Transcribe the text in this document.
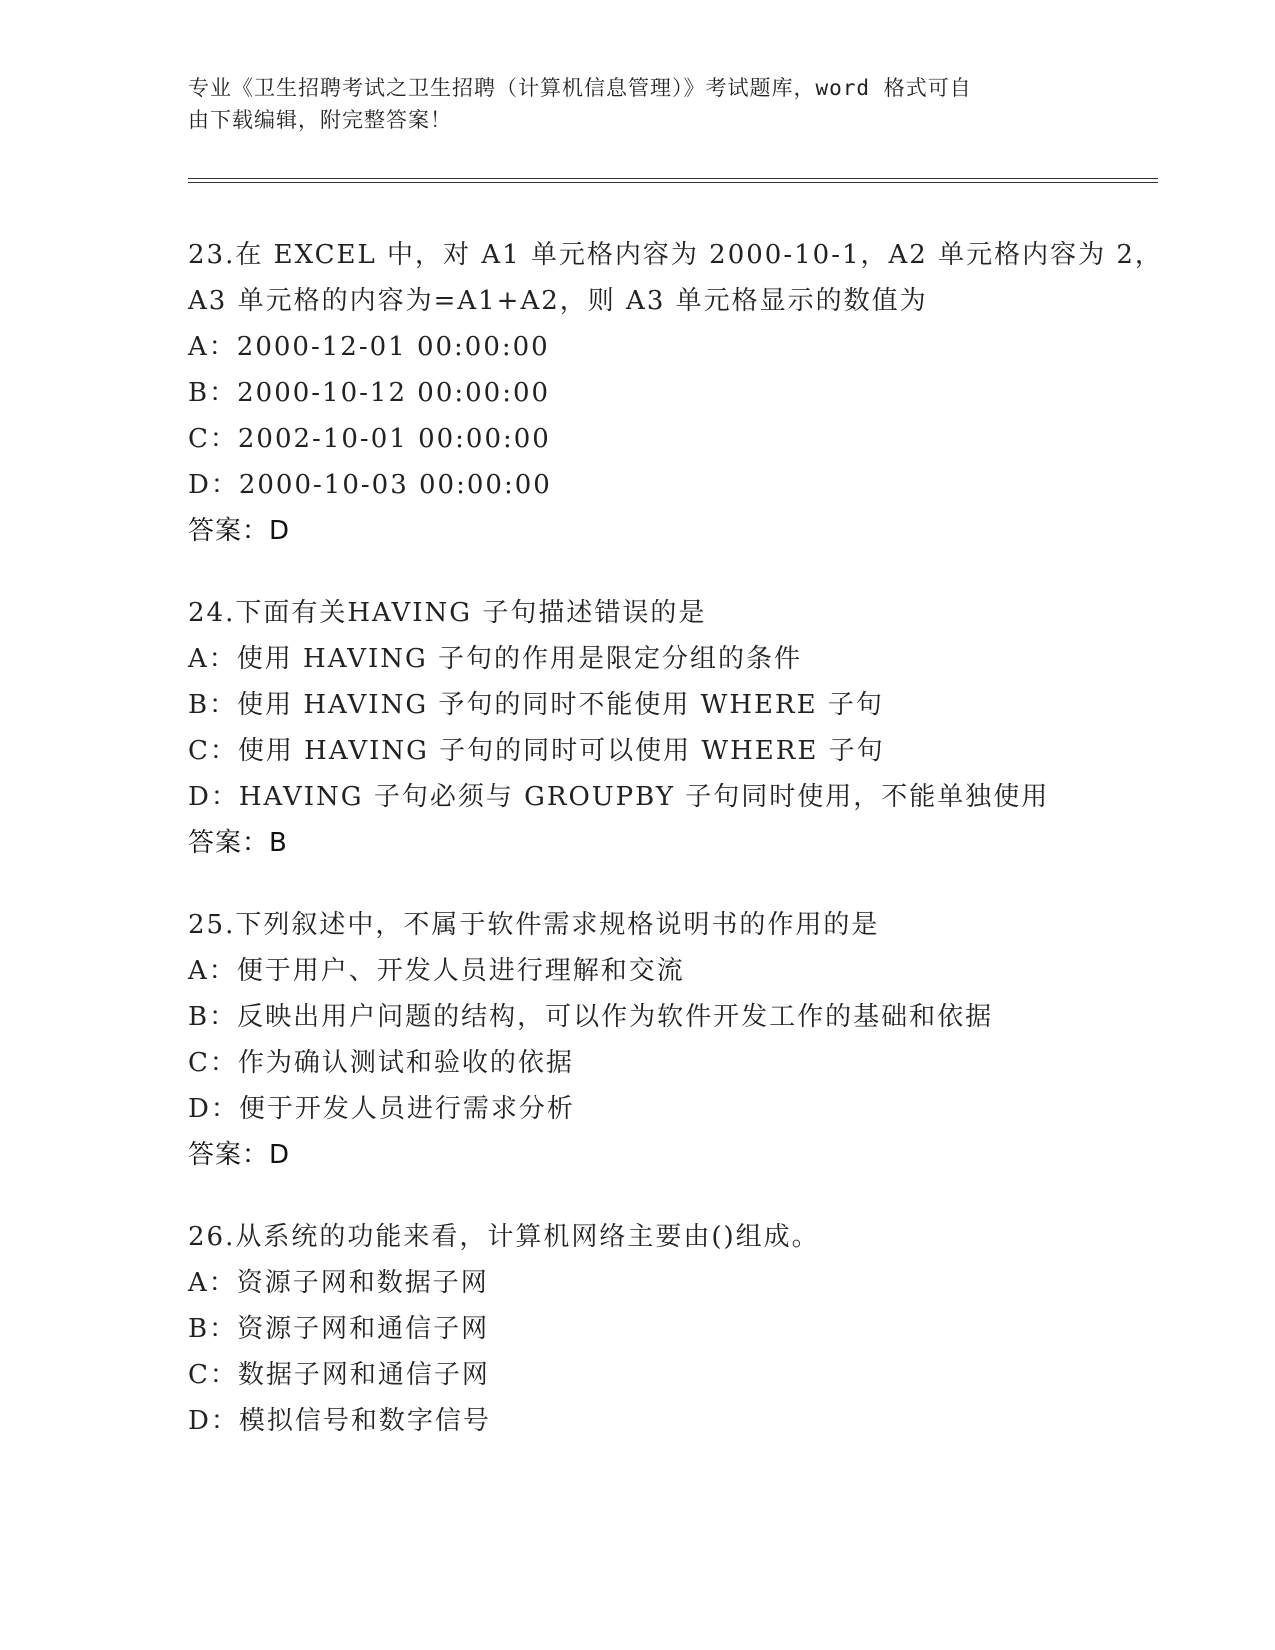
专业《卫生招聘考试之卫生招聘（计算机信息管理）》考试题库，word 格式可自
由下载编辑，附完整答案！
23.在 EXCEL 中，对 A1 单元格内容为 2000-10-1，A2 单元格内容为 2，
A3 单元格的内容为=A1+A2，则 A3 单元格显示的数值为
A：2000-12-01 00:00:00
B：2000-10-12 00:00:00
C：2002-10-01 00:00:00
D：2000-10-03 00:00:00
答案：D
24.下面有关HAVING 子句描述错误的是
A：使用 HAVING 子句的作用是限定分组的条件
B：使用 HAVING 予句的同时不能使用 WHERE 子句
C：使用 HAVING 子句的同时可以使用 WHERE 子句
D：HAVING 子句必须与 GROUPBY 子句同时使用，不能单独使用
答案：B
25.下列叙述中，不属于软件需求规格说明书的作用的是
A：便于用户、开发人员进行理解和交流
B：反映出用户问题的结构，可以作为软件开发工作的基础和依据
C：作为确认测试和验收的依据
D：便于开发人员进行需求分析
答案：D
26.从系统的功能来看，计算机网络主要由()组成。
A：资源子网和数据子网
B：资源子网和通信子网
C：数据子网和通信子网
D：模拟信号和数字信号
